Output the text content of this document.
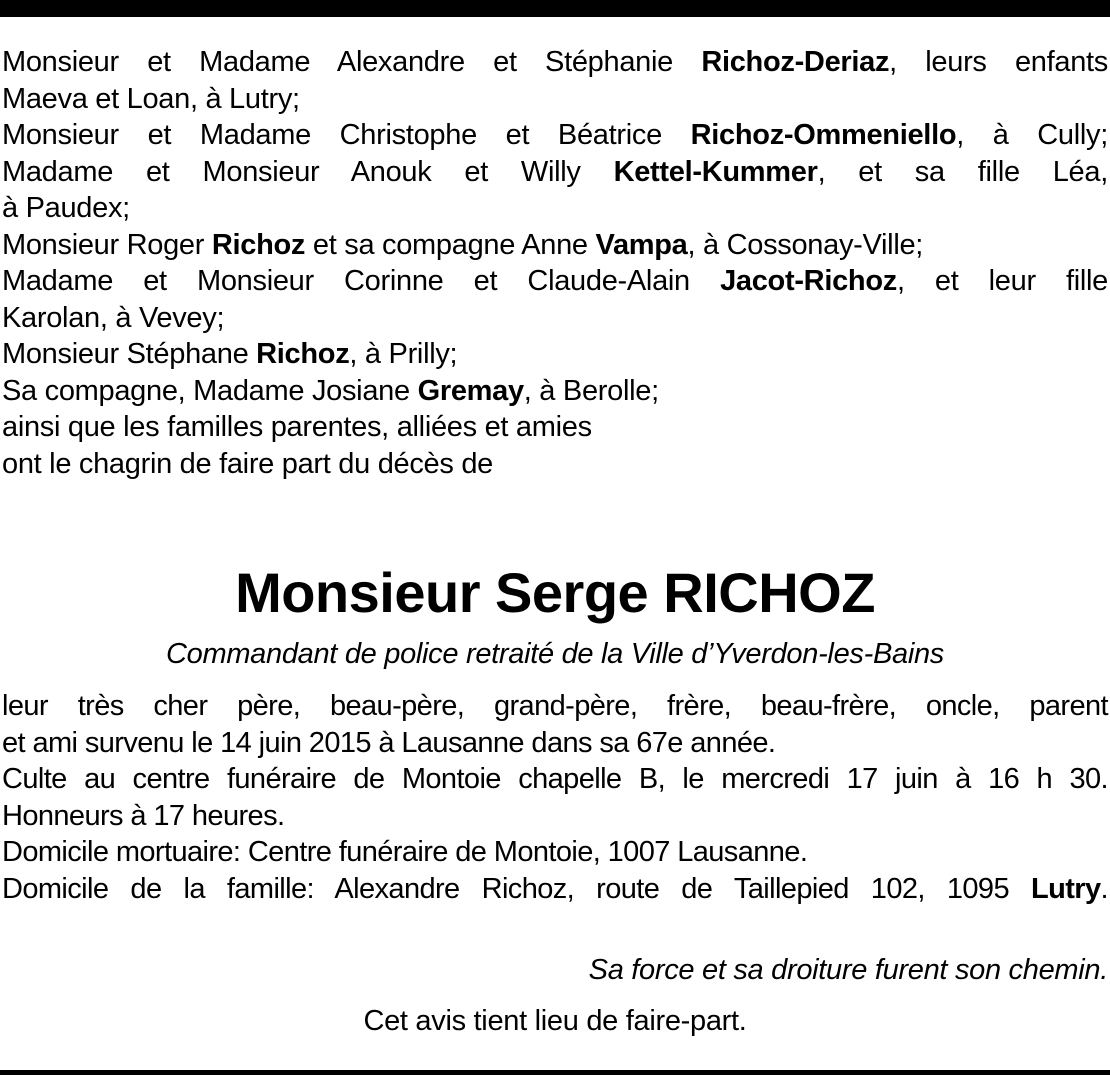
Monsieur et Madame Alexandre et Stéphanie Richoz-Deriaz, leurs enfants

Maeva et Loan, à Lutry;

Monsieur et Madame Christophe et Béatrice Richoz-Ommeniello, à Cully;

Madame et Monsieur Anouk et Willy Kettel-Kummer, et sa fille Léa,

à Paudex;

Monsieur Roger Richoz et sa compagne Anne Vampa, à Cossonay-Ville;

Madame et Monsieur Corinne et Claude-Alain Jacot-Richoz, et leur fille

Karolan, à Vevey;

Monsieur Stéphane Richoz, à Prilly;

Sa compagne, Madame Josiane Gremay, à Berolle;

ainsi que les familles parentes, alliées et amies

ont le chagrin de faire part du décès de

Monsieur Serge RICHOZ
Commandant de police retraité de la Ville d’Yverdon-les-Bains

leur très cher père, beau-père, grand-père, frère, beau-frère, oncle, parent

et ami survenu le 14 juin 2015 à Lausanne dans sa 67e année.

Culte au centre funéraire de Montoie chapelle B, le mercredi 17 juin à 16 h 30.

Honneurs à 17 heures.

Domicile mortuaire: Centre funéraire de Montoie, 1007 Lausanne.

Domicile de la famille: Alexandre Richoz, route de Taillepied 102, 1095 Lutry.

Sa force et sa droiture furent son chemin.
Cet avis tient lieu de faire-part.
